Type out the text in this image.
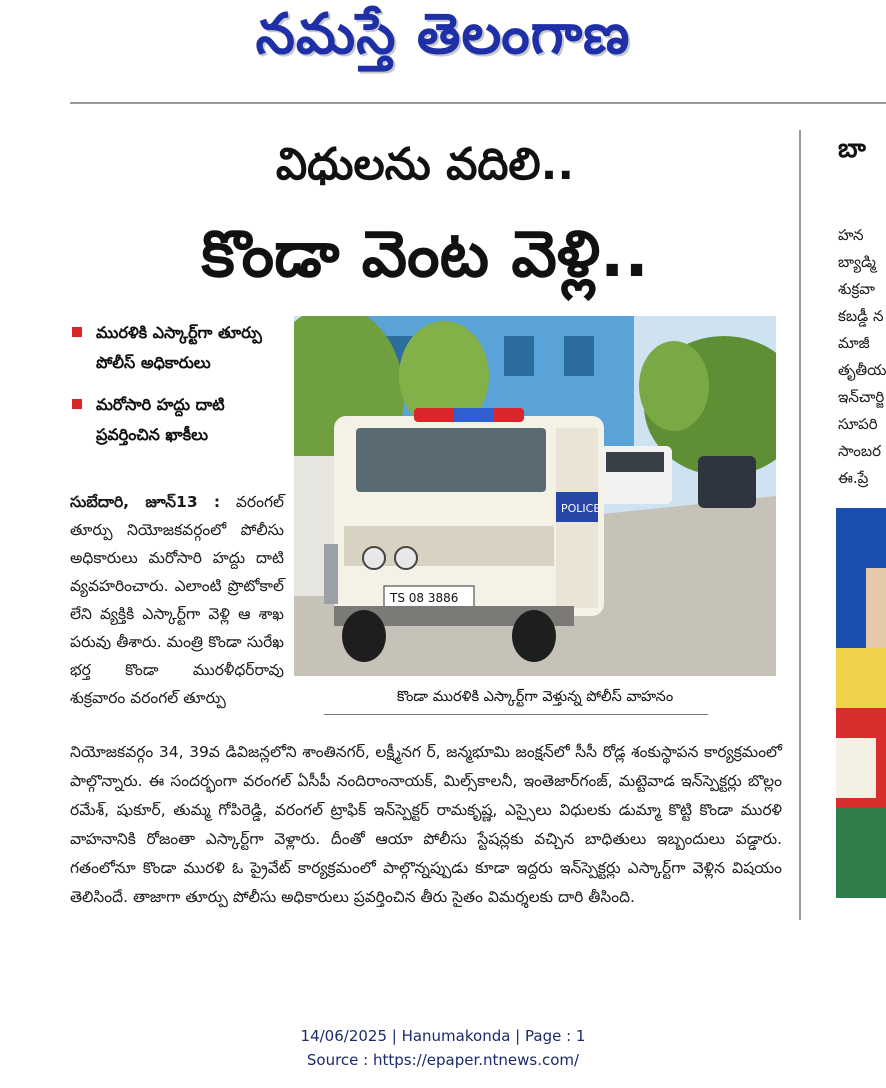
నమస్తే తెలంగాణ
విధులను వదిలి..
కొండా వెంట వెళ్లి..
మురళికి ఎస్కార్ట్‌గా తూర్పు పోలీస్ అధికారులు
మరోసారి హద్దు దాటి ప్రవర్తించిన ఖాకీలు
POLICE
TS 08 3886
కొండా మురళికి ఎస్కార్ట్‌గా వెళ్తున్న పోలీస్ వాహనం
సుబేదారి, జూన్13 : వరంగల్ తూర్పు నియోజకవర్గంలో పోలీసు అధికారులు మరోసారి హద్దు దాటి వ్యవహరించారు. ఎలాంటి ప్రొటోకాల్ లేని వ్యక్తికి ఎస్కార్ట్‌గా వెళ్లి ఆ శాఖ పరువు తీశారు. మంత్రి కొండా సురేఖ భర్త కొండా మురళీధర్‌రావు శుక్రవారం వరంగల్ తూర్పు
నియోజకవర్గం 34, 39వ డివిజన్లలోని శాంతినగర్, లక్ష్మీనగ ర్, జన్మభూమి జంక్షన్‌లో సీసీ రోడ్ల శంకుస్థాపన కార్యక్రమంలో పాల్గొన్నారు. ఈ సందర్భంగా వరంగల్ ఏసీపీ నందిరాంనాయక్, మిల్స్‌కాలనీ, ఇంతెజార్‌గంజ్, మట్టెవాడ ఇన్‌స్పెక్టర్లు బొల్లం రమేశ్, షుకూర్, తుమ్మ గోపిరెడ్డి, వరంగల్ ట్రాఫిక్ ఇన్‌స్పెక్టర్ రామకృష్ణ, ఎస్సైలు విధులకు డుమ్మా కొట్టి కొండా మురళి వాహనానికి రోజంతా ఎస్కార్ట్‌గా వెళ్లారు. దీంతో ఆయా పోలీసు స్టేషన్లకు వచ్చిన బాధితులు ఇబ్బందులు పడ్డారు. గతంలోనూ కొండా మురళి ఓ ప్రైవేట్ కార్యక్రమంలో పాల్గొన్నప్పుడు కూడా ఇద్దరు ఇన్‌స్పెక్టర్లు ఎస్కార్ట్‌గా వెళ్లిన విషయం తెలిసిందే. తాజాగా తూర్పు పోలీసు అధికారులు ప్రవర్తించిన తీరు సైతం విమర్శలకు దారి తీసింది.
బా
హన
బ్యాడ్మి
శుక్రవా
కబడ్డీ న
మాజీ
తృతీయ
ఇన్‌చార్జి
సూపరి
సాంబర
ఈ.ప్రే
14/06/2025 | Hanumakonda | Page : 1
Source : https://epaper.ntnews.com/
